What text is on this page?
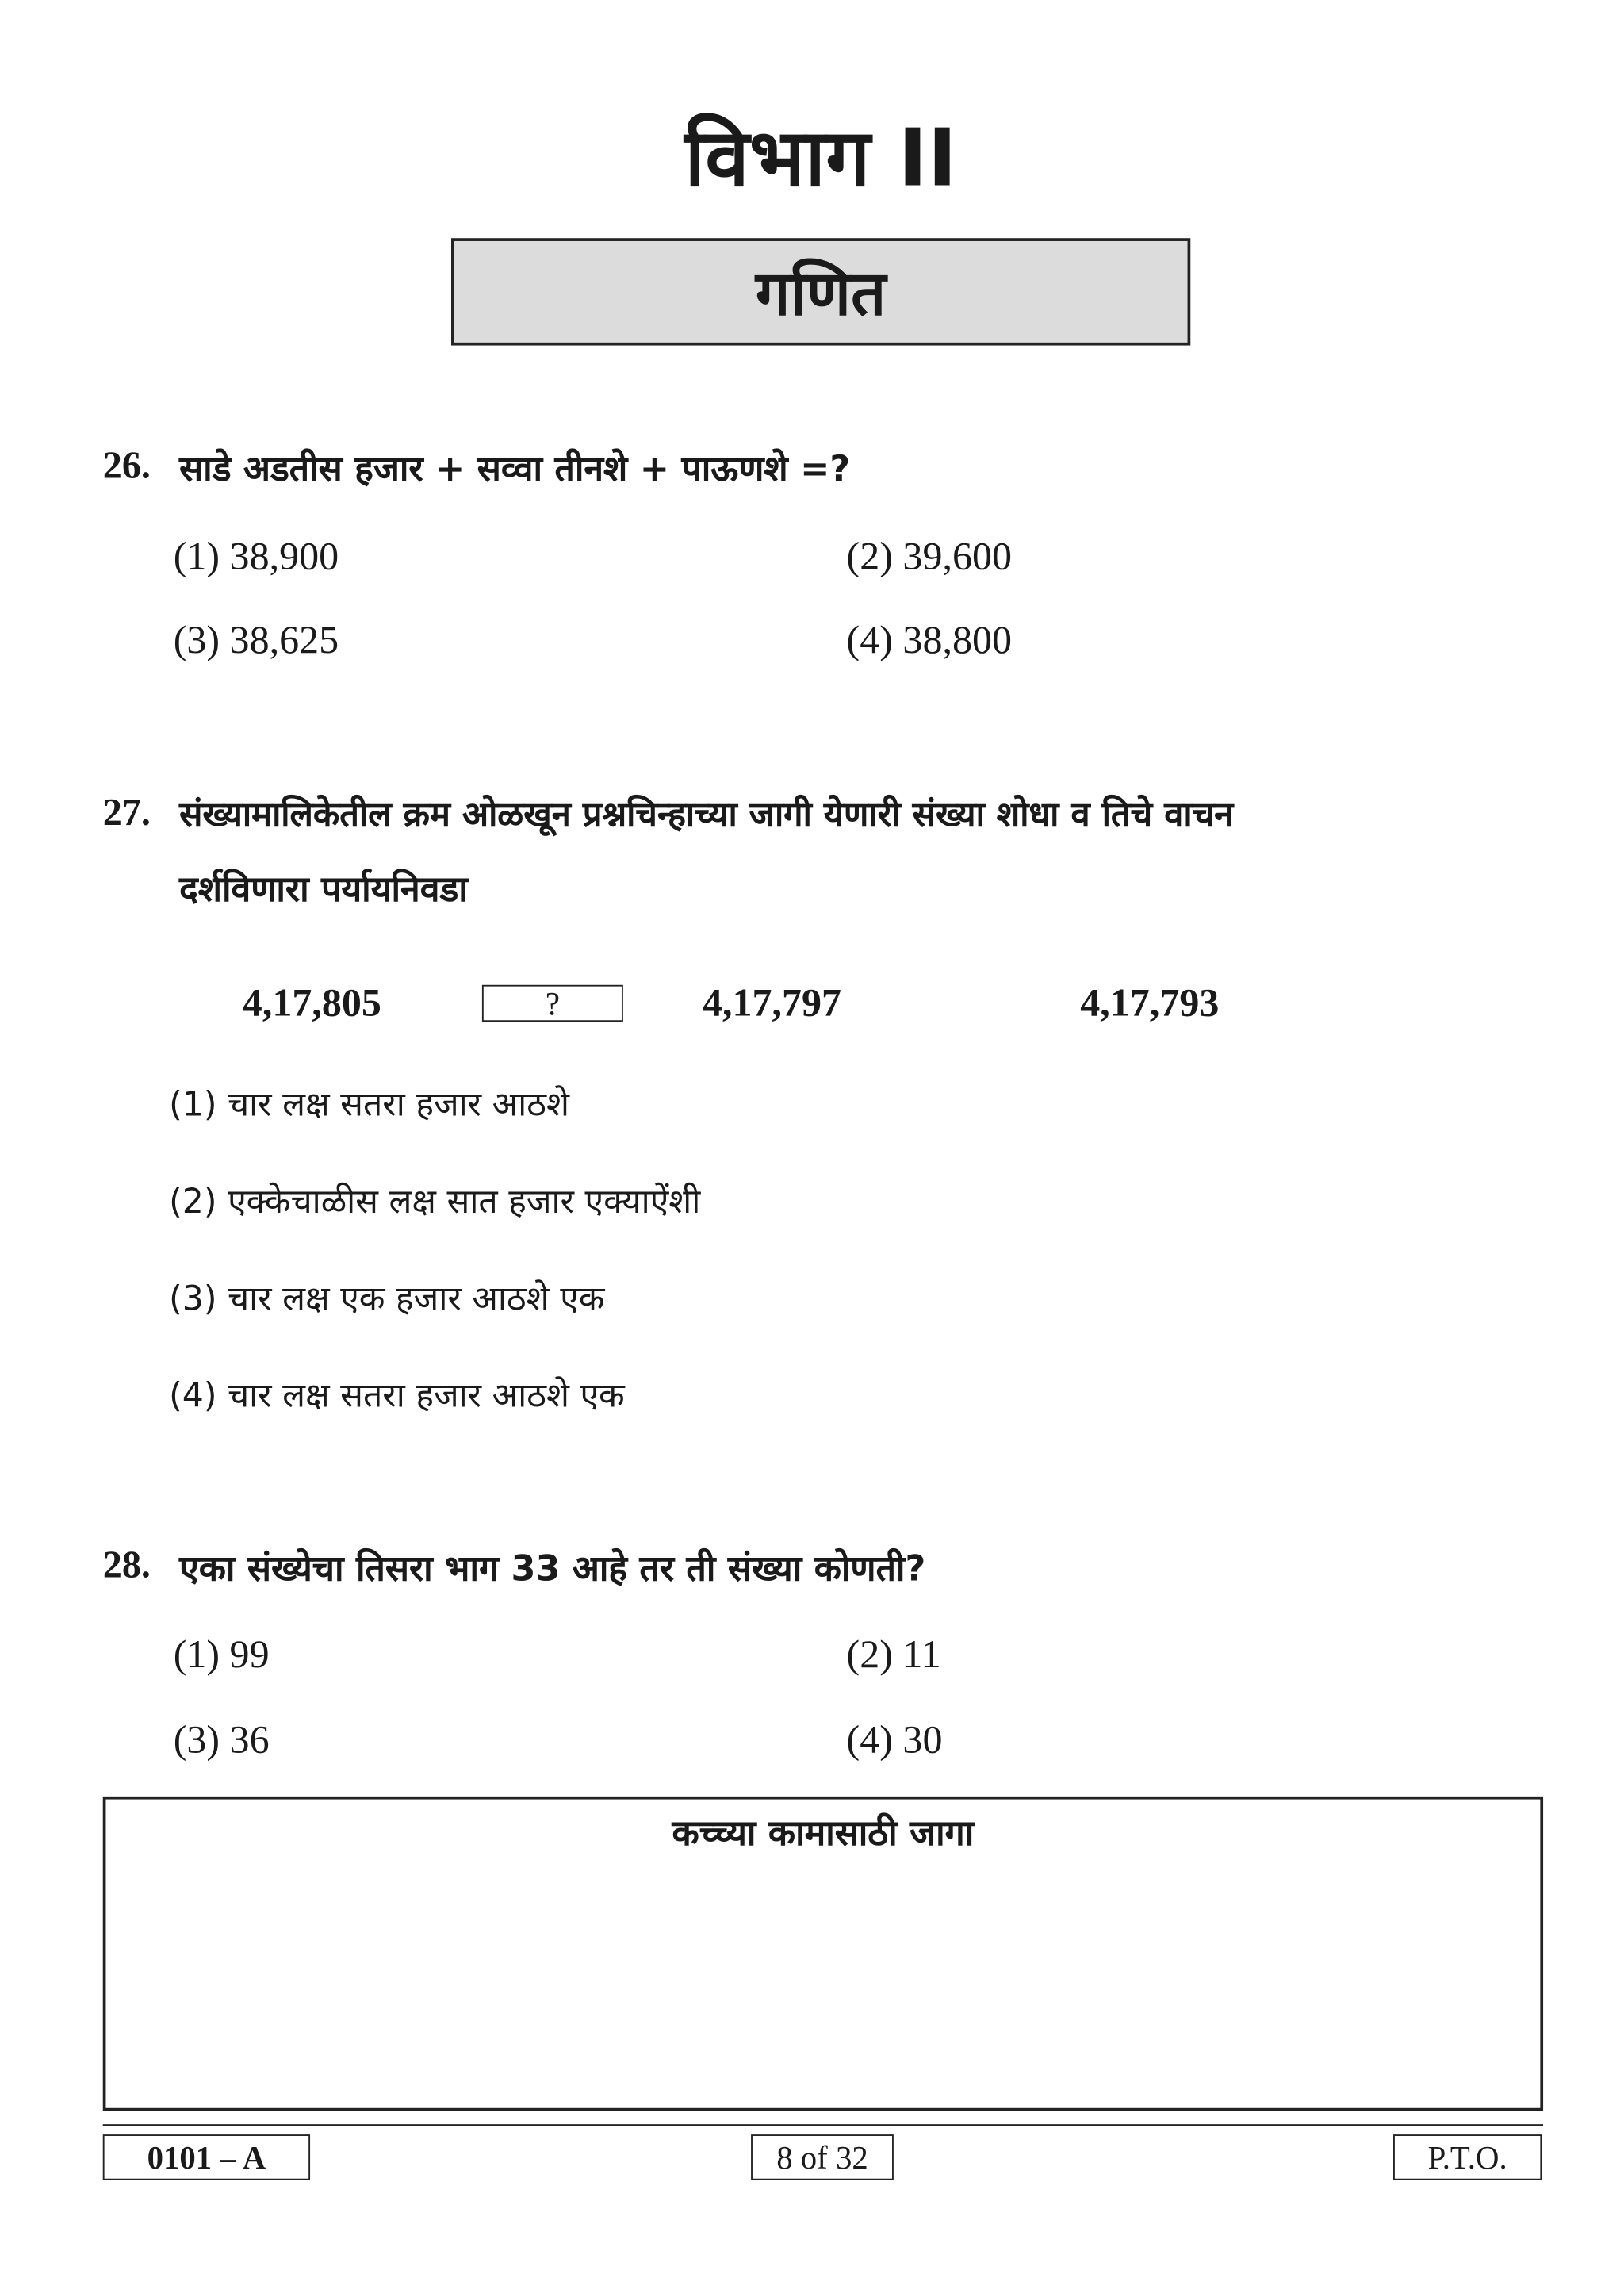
विभाग II
गणित
26. साडे अडतीस हजार + सव्वा तीनशे + पाऊणशे =?
(1) 38,900	(2) 39,600
(3) 38,625	(4) 38,800
27. संख्यामालिकेतील क्रम ओळखून प्रश्नचिन्हाच्या जागी येणारी संख्या शोधा व तिचे वाचन
दर्शविणारा पर्यायनिवडा
4,17,805	?	4,17,797	4,17,793
(1) चार लक्ष सतरा हजार आठशे
(2) एक्केचाळीस लक्ष सात हजार एक्याऐंशी
(3) चार लक्ष एक हजार आठशे एक
(4) चार लक्ष सतरा हजार आठशे एक
28. एका संख्येचा तिसरा भाग 33 आहे तर ती संख्या कोणती?
(1) 99	(2) 11
(3) 36	(4) 30
कच्च्या कामासाठी जागा
0101 – A	8 of 32	P.T.O.
